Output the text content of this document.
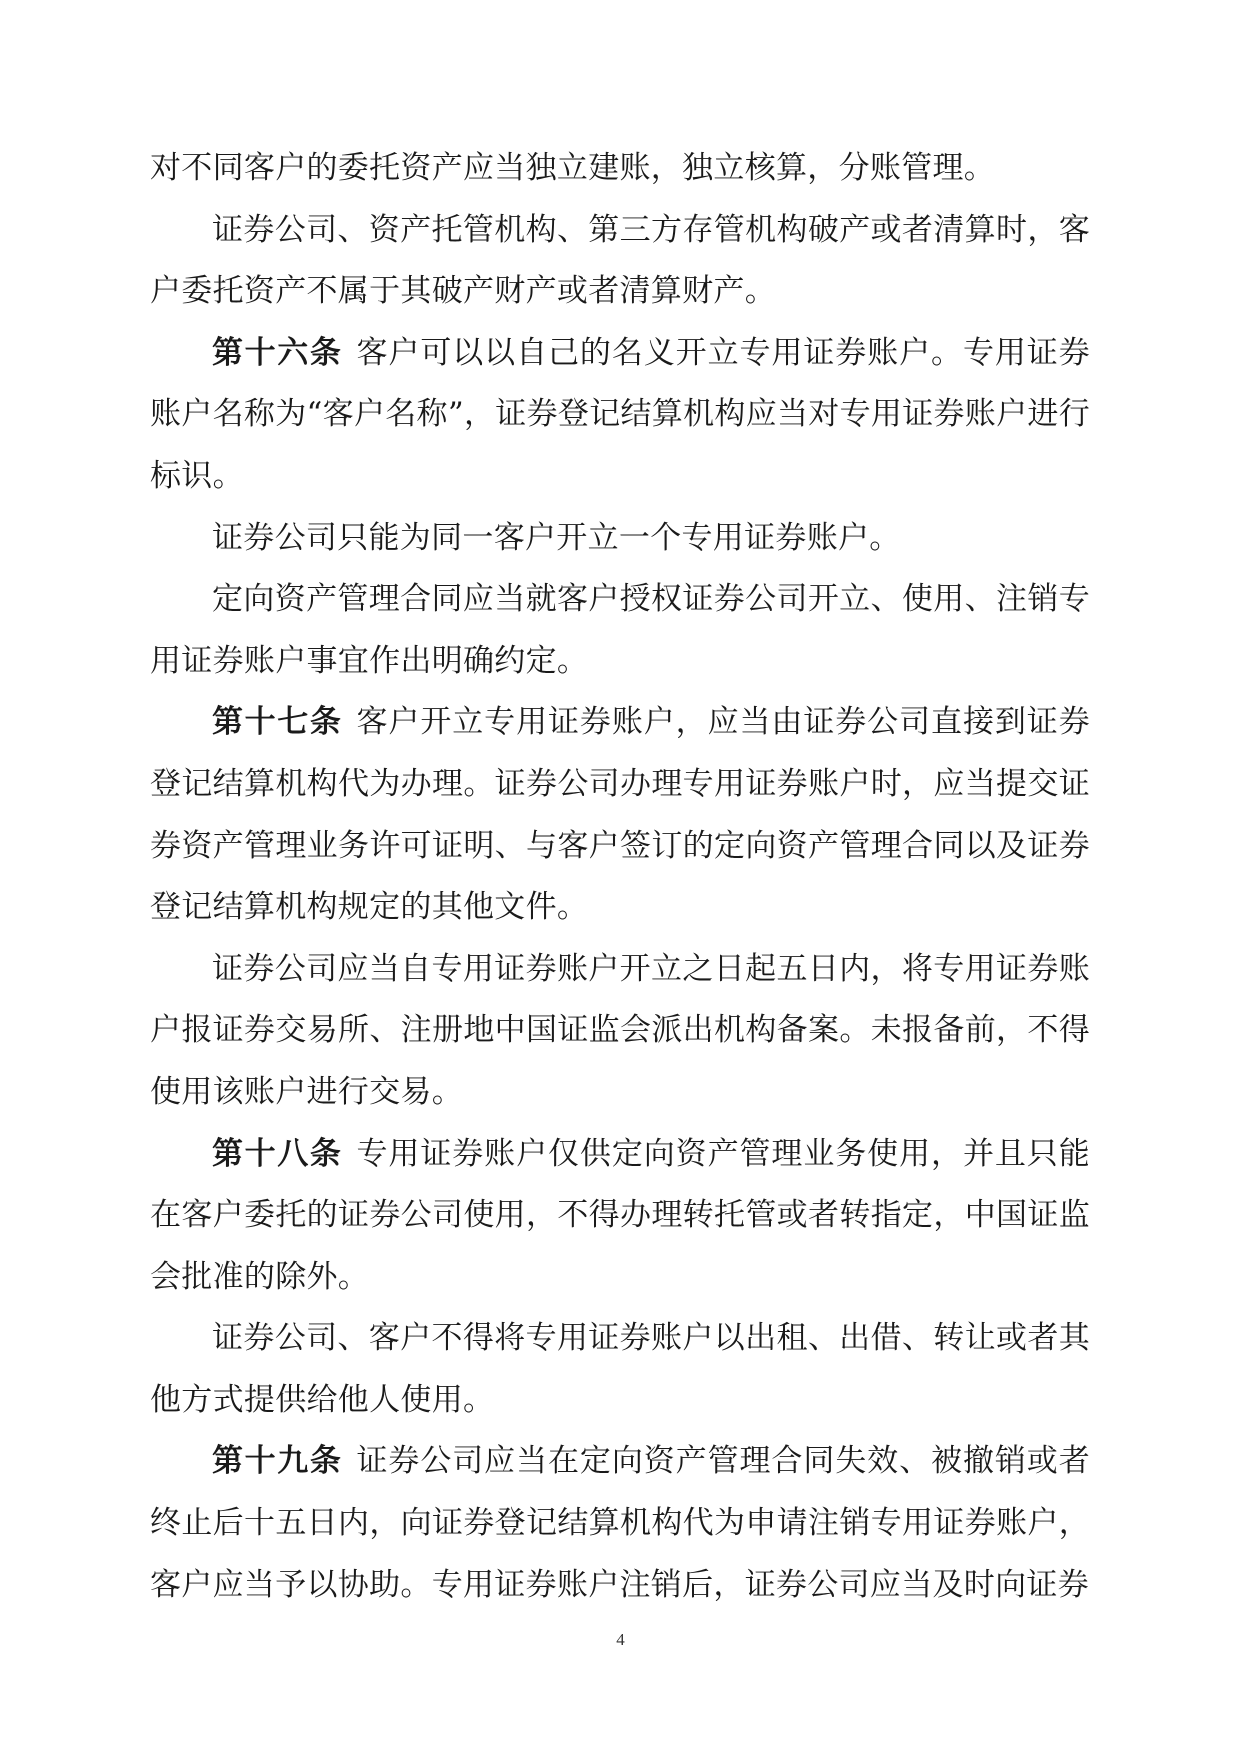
对不同客户的委托资产应当独立建账，独立核算，分账管理。

证券公司、资产托管机构、第三方存管机构破产或者清算时，客户委托资产不属于其破产财产或者清算财产。

第十六条 客户可以以自己的名义开立专用证券账户。专用证券账户名称为“客户名称”，证券登记结算机构应当对专用证券账户进行标识。

证券公司只能为同一客户开立一个专用证券账户。

定向资产管理合同应当就客户授权证券公司开立、使用、注销专用证券账户事宜作出明确约定。

第十七条 客户开立专用证券账户，应当由证券公司直接到证券登记结算机构代为办理。证券公司办理专用证券账户时，应当提交证券资产管理业务许可证明、与客户签订的定向资产管理合同以及证券登记结算机构规定的其他文件。

证券公司应当自专用证券账户开立之日起五日内，将专用证券账户报证券交易所、注册地中国证监会派出机构备案。未报备前，不得使用该账户进行交易。

第十八条 专用证券账户仅供定向资产管理业务使用，并且只能在客户委托的证券公司使用，不得办理转托管或者转指定，中国证监会批准的除外。

证券公司、客户不得将专用证券账户以出租、出借、转让或者其他方式提供给他人使用。

第十九条 证券公司应当在定向资产管理合同失效、被撤销或者终止后十五日内，向证券登记结算机构代为申请注销专用证券账户，客户应当予以协助。专用证券账户注销后，证券公司应当及时向证券

4
